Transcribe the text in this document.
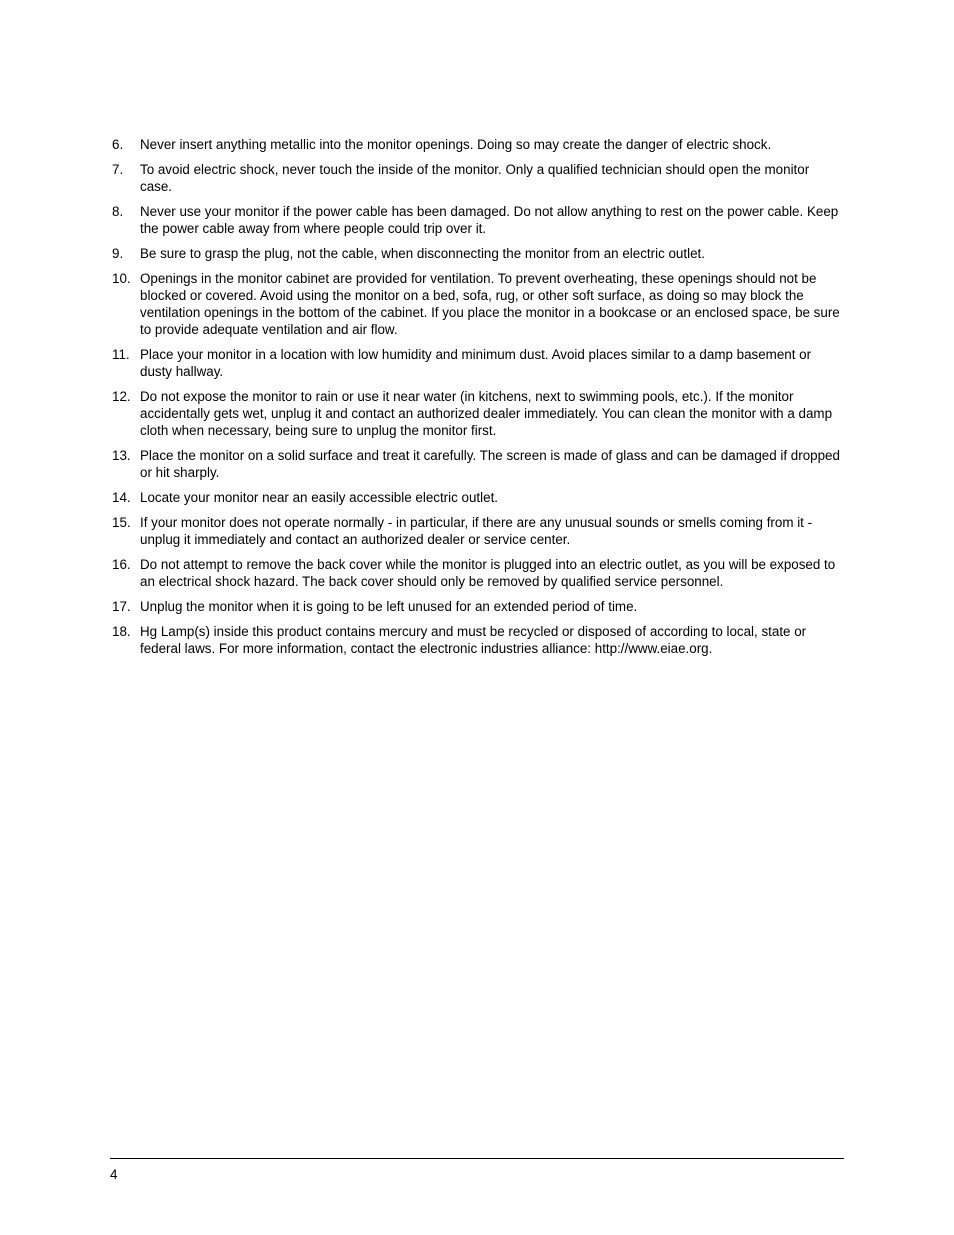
6.	Never insert anything metallic into the monitor openings. Doing so may create the danger of electric shock.
7.	To avoid electric shock, never touch the inside of the monitor. Only a qualified technician should open the monitor case.
8.	Never use your monitor if the power cable has been damaged. Do not allow anything to rest on the power cable. Keep the power cable away from where people could trip over it.
9.	Be sure to grasp the plug, not the cable, when disconnecting the monitor from an electric outlet.
10. Openings in the monitor cabinet are provided for ventilation. To prevent overheating, these openings should not be blocked or covered. Avoid using the monitor on a bed, sofa, rug, or other soft surface, as doing so may block the ventilation openings in the bottom of the cabinet. If you place the monitor in a bookcase or an enclosed space, be sure to provide adequate ventilation and air flow.
11. Place your monitor in a location with low humidity and minimum dust. Avoid places similar to a damp basement or dusty hallway.
12. Do not expose the monitor to rain or use it near water (in kitchens, next to swimming pools, etc.). If the monitor accidentally gets wet, unplug it and contact an authorized dealer immediately. You can clean the monitor with a damp cloth when necessary, being sure to unplug the monitor first.
13. Place the monitor on a solid surface and treat it carefully. The screen is made of glass and can be damaged if dropped or hit sharply.
14. Locate your monitor near an easily accessible electric outlet.
15. If your monitor does not operate normally - in particular, if there are any unusual sounds or smells coming from it - unplug it immediately and contact an authorized dealer or service center.
16. Do not attempt to remove the back cover while the monitor is plugged into an electric outlet, as you will be exposed to an electrical shock hazard. The back cover should only be removed by qualified service personnel.
17. Unplug the monitor when it is going to be left unused for an extended period of time.
18. Hg Lamp(s) inside this product contains mercury and must be recycled or disposed of according to local, state or federal laws. For more information, contact the electronic industries alliance: http://www.eiae.org.
4
